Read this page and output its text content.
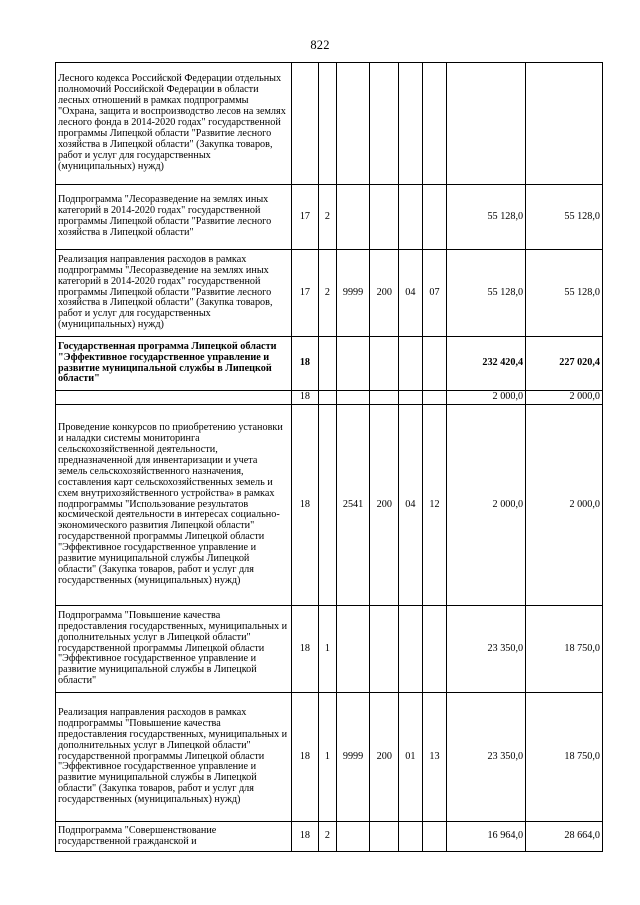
822
Лесного кодекса Российской Федерации отдельных полномочий Российской Федерации в области лесных отношений в рамках подпрограммы "Охрана, защита и воспроизводство лесов на землях лесного фонда в 2014-2020 годах" государственной программы Липецкой области "Развитие лесного хозяйства в Липецкой области" (Закупка товаров, работ и услуг для государственных (муниципальных) нужд)								
Подпрограмма "Лесоразведение на землях иных категорий в 2014-2020 годах" государственной программы Липецкой области "Развитие лесного хозяйства в Липецкой области"	17	2					55 128,0	55 128,0
Реализация направления расходов в рамках подпрограммы "Лесоразведение на землях иных категорий в 2014-2020 годах" государственной программы Липецкой области "Развитие лесного хозяйства в Липецкой области" (Закупка товаров, работ и услуг для государственных (муниципальных) нужд)	17	2	9999	200	04	07	55 128,0	55 128,0
Государственная программа Липецкой области "Эффективное государственное управление и развитие муниципальной службы в Липецкой области"	18						232 420,4	227 020,4
	18						2 000,0	2 000,0
Проведение конкурсов по приобретению установки и наладки системы мониторинга сельскохозяйственной деятельности, предназначенной для инвентаризации и учета земель сельскохозяйственного назначения, составления карт сельскохозяйственных земель и схем внутрихозяйственного устройства» в рамках подпрограммы "Использование результатов космической деятельности в интересах социально-экономического развития Липецкой области" государственной программы Липецкой области "Эффективное государственное управление и развитие муниципальной службы Липецкой области" (Закупка товаров, работ и услуг для государственных (муниципальных) нужд)	18		2541	200	04	12	2 000,0	2 000,0
Подпрограмма "Повышение качества предоставления государственных, муниципальных и дополнительных услуг в Липецкой области" государственной программы Липецкой области "Эффективное государственное управление и развитие муниципальной службы в Липецкой области"	18	1					23 350,0	18 750,0
Реализация направления расходов в рамках подпрограммы "Повышение качества предоставления государственных, муниципальных и дополнительных услуг в Липецкой области" государственной программы Липецкой области "Эффективное государственное управление и развитие муниципальной службы в Липецкой области" (Закупка товаров, работ и услуг для государственных (муниципальных) нужд)	18	1	9999	200	01	13	23 350,0	18 750,0
Подпрограмма "Совершенствование государственной гражданской и	18	2					16 964,0	28 664,0
